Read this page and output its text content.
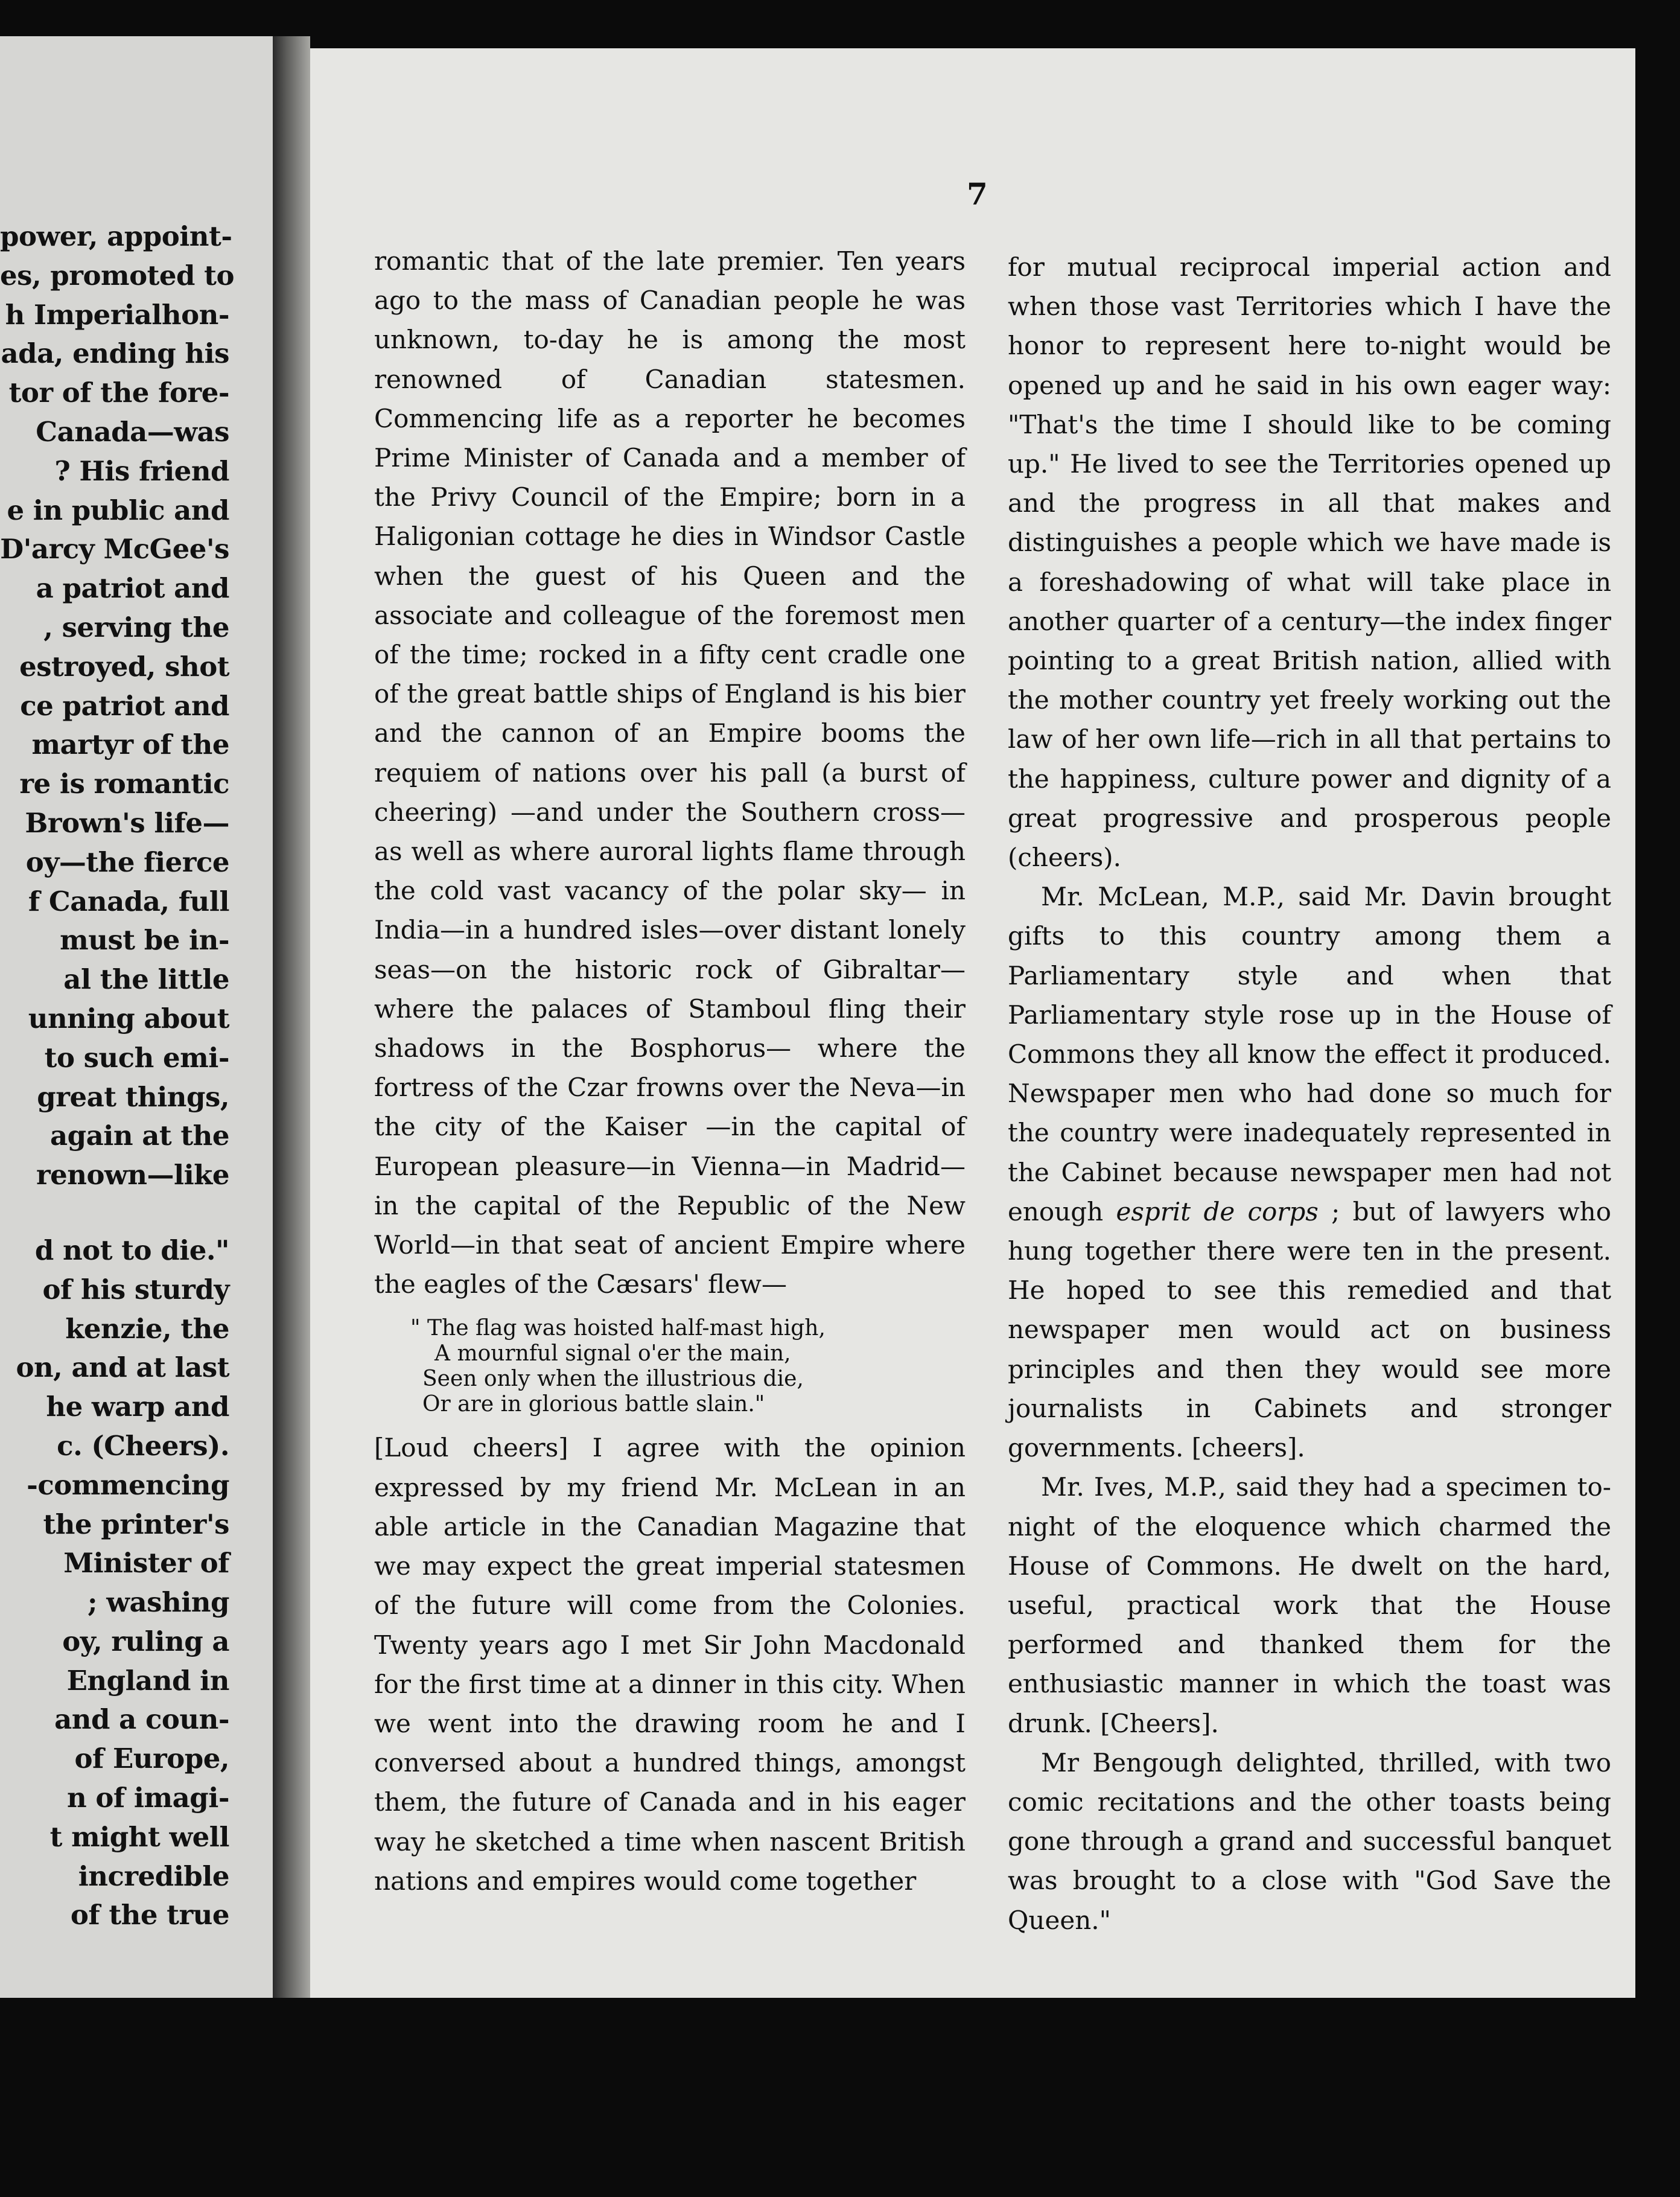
power, appoint-
es, promoted to
h Imperialhon-
ada, ending his
tor of the fore-
Canada—was
? His friend
e in public and
D'arcy McGee's
a patriot and
, serving the
estroyed, shot
ce patriot and
martyr of the
re is romantic
Brown's life—
oy—the fierce
f Canada, full
must be in-
al the little
unning about
to such emi-
great things,
again at the
renown—like
d not to die."
of his sturdy
kenzie, the
on, and at last
he warp and
c. (Cheers).
-commencing
the printer's
Minister of
; washing
oy, ruling a
England in
and a coun-
of Europe,
n of imagi-
t might well
incredible
of the true
7

romantic that of the late premier. Ten years ago to the mass of Canadian people he was unknown, to-day he is among the most renowned of Canadian statesmen. Commencing life as a reporter he becomes Prime Minister of Canada and a member of the Privy Council of the Empire; born in a Haligonian cottage he dies in Windsor Castle when the guest of his Queen and the associate and colleague of the foremost men of the time; rocked in a fifty cent cradle one of the great battle ships of England is his bier and the cannon of an Empire booms the requiem of nations over his pall (a burst of cheering) —and under the Southern cross—as well as where auroral lights flame through the cold vast vacancy of the polar sky— in India—in a hundred isles—over distant lonely seas—on the historic rock of Gibraltar—where the palaces of Stamboul fling their shadows in the Bosphorus— where the fortress of the Czar frowns over the Neva—in the city of the Kaiser —in the capital of European pleasure—in Vienna—in Madrid—in the capital of the Republic of the New World—in that seat of ancient Empire where the eagles of the Cæsars' flew—

" The flag was hoisted half-mast high,
A mournful signal o'er the main,
Seen only when the illustrious die,
Or are in glorious battle slain."

[Loud cheers] I agree with the opinion expressed by my friend Mr. McLean in an able article in the Canadian Magazine that we may expect the great imperial statesmen of the future will come from the Colonies. Twenty years ago I met Sir John Macdonald for the first time at a dinner in this city. When we went into the drawing room he and I conversed about a hundred things, amongst them, the future of Canada and in his eager way he sketched a time when nascent British nations and empires would come together

for mutual reciprocal imperial action and when those vast Territories which I have the honor to represent here to-night would be opened up and he said in his own eager way: "That's the time I should like to be coming up." He lived to see the Territories opened up and the progress in all that makes and distinguishes a people which we have made is a foreshadowing of what will take place in another quarter of a century—the index finger pointing to a great British nation, allied with the mother country yet freely working out the law of her own life—rich in all that pertains to the happiness, culture power and dignity of a great progressive and prosperous people (cheers).

Mr. McLean, M.P., said Mr. Davin brought gifts to this country among them a Parliamentary style and when that Parliamentary style rose up in the House of Commons they all know the effect it produced. Newspaper men who had done so much for the country were inadequately represented in the Cabinet because newspaper men had not enough esprit de corps ; but of lawyers who hung together there were ten in the present. He hoped to see this remedied and that newspaper men would act on business principles and then they would see more journalists in Cabinets and stronger governments. [cheers].

Mr. Ives, M.P., said they had a specimen to-night of the eloquence which charmed the House of Commons. He dwelt on the hard, useful, practical work that the House performed and thanked them for the enthusiastic manner in which the toast was drunk. [Cheers].

Mr Bengough delighted, thrilled, with two comic recitations and the other toasts being gone through a grand and successful banquet was brought to a close with "God Save the Queen."
